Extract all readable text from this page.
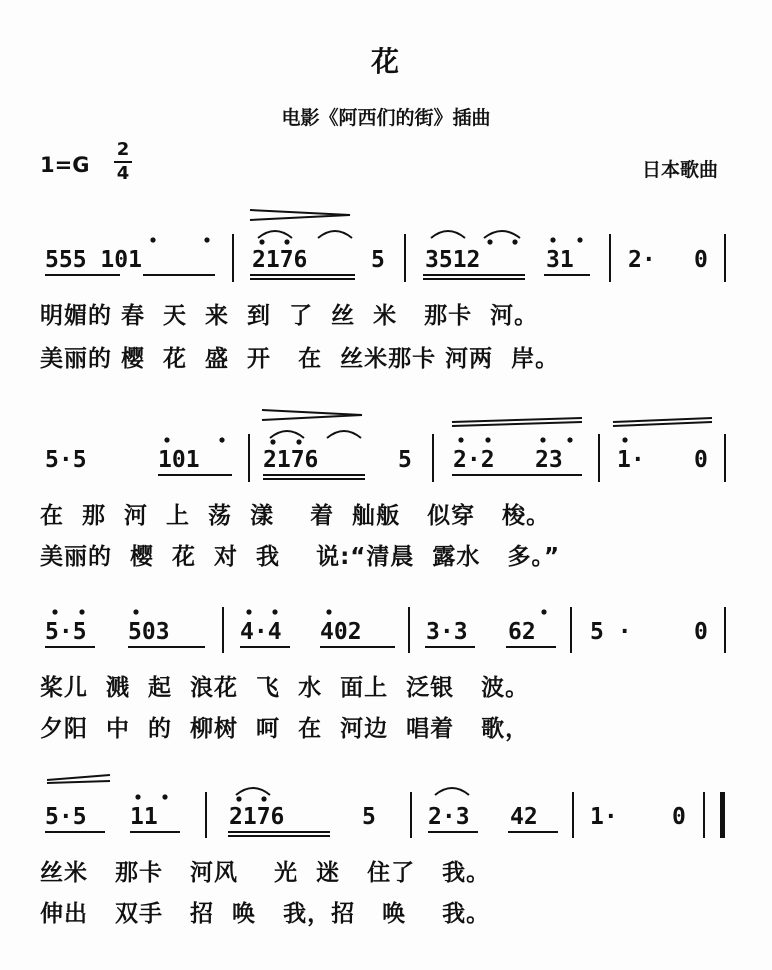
花
电影《阿西们的街》插曲
1=G
2
4	日本歌曲
555 101	2176	5 3512	31 2· 0
明媚的 春  天  来  到  了  丝  米   那卡  河。
美丽的 樱  花  盛  开   在  丝米那卡 河两  岸。
5·5	101	2176	5 2·2 23 1· 0
在  那  河  上  荡  漾    着  舢舨   似穿   梭。
美丽的  樱  花  对  我    说:“清晨  露水   多。”
5·5 503	4·4 402	3·3 62 5 ·	0
桨儿  溅  起  浪花  飞  水  面上  泛银   波。
夕阳  中  的  柳树  呵  在  河边  唱着   歌，
5·5 11	2176	5 2·3 42 1· 0
丝米   那卡   河风    光  迷   住了   我。
伸出   双手   招  唤   我，招   唤    我。
